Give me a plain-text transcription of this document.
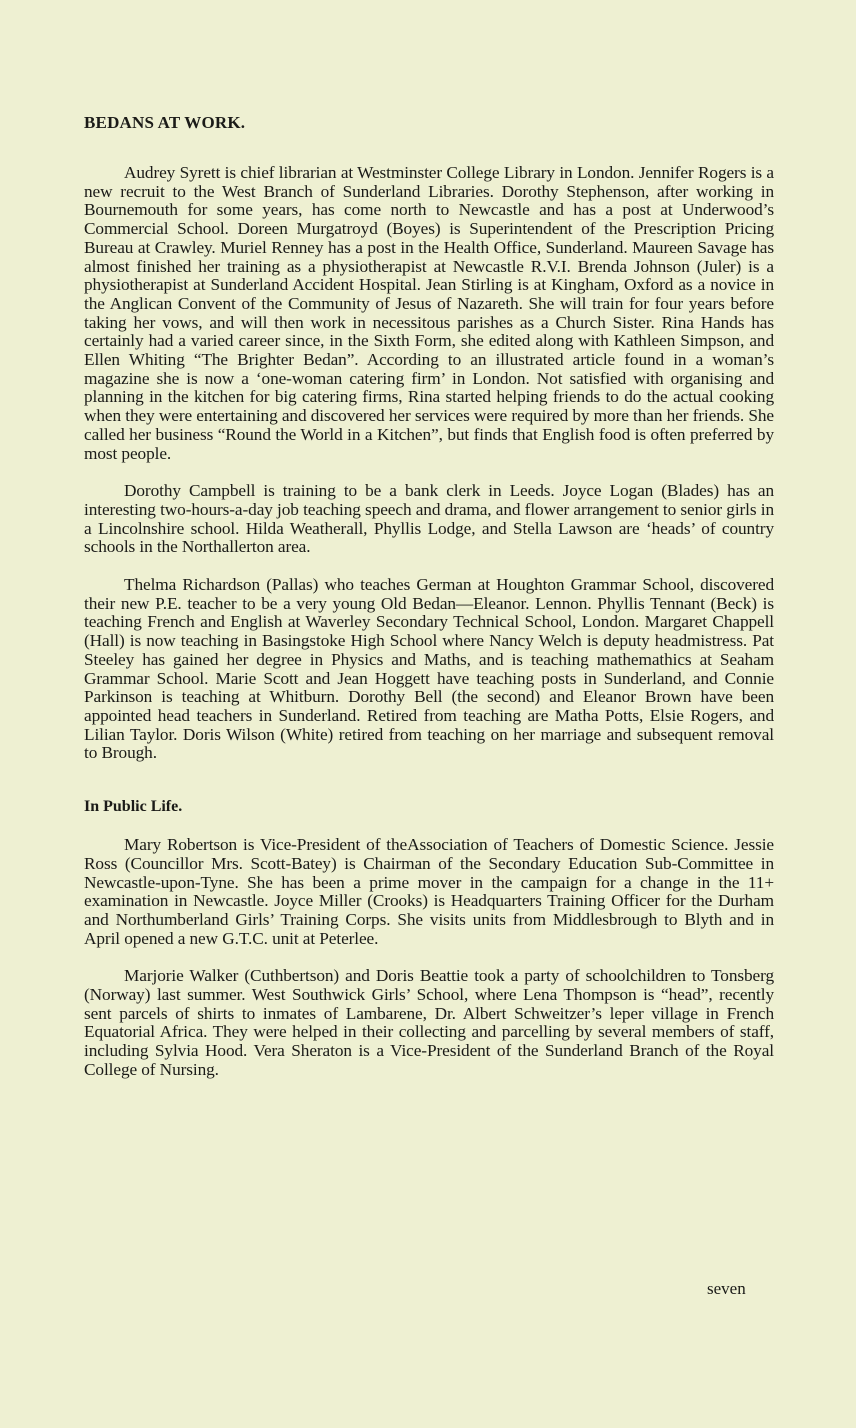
BEDANS AT WORK.

Audrey Syrett is chief librarian at Westminster College Library in London. Jennifer Rogers is a new recruit to the West Branch of Sunderland Libraries. Dorothy Stephenson, after working in Bournemouth for some years, has come north to Newcastle and has a post at Underwood’s Commercial School. Doreen Murgatroyd (Boyes) is Superintendent of the Prescription Pricing Bureau at Crawley. Muriel Renney has a post in the Health Office, Sunderland. Maureen Savage has almost finished her training as a physiotherapist at Newcastle R.V.I. Brenda Johnson (Juler) is a physiotherapist at Sunderland Accident Hospital. Jean Stirling is at Kingham, Oxford as a novice in the Anglican Convent of the Community of Jesus of Nazareth. She will train for four years before taking her vows, and will then work in necessitous parishes as a Church Sister. Rina Hands has certainly had a varied career since, in the Sixth Form, she edited along with Kathleen Simpson, and Ellen Whiting “The Brighter Bedan”. According to an illustrated article found in a woman’s magazine she is now a ‘one-woman catering firm’ in London. Not satisfied with organising and planning in the kitchen for big catering firms, Rina started helping friends to do the actual cooking when they were entertaining and discovered her services were required by more than her friends. She called her business “Round the World in a Kitchen”, but finds that English food is often preferred by most people.

Dorothy Campbell is training to be a bank clerk in Leeds. Joyce Logan (Blades) has an interesting two-hours-a-day job teaching speech and drama, and flower arrangement to senior girls in a Lincolnshire school. Hilda Weatherall, Phyllis Lodge, and Stella Lawson are ‘heads’ of country schools in the Northallerton area.

Thelma Richardson (Pallas) who teaches German at Houghton Grammar School, discovered their new P.E. teacher to be a very young Old Bedan—Eleanor. Lennon. Phyllis Tennant (Beck) is teaching French and English at Waverley Secondary Technical School, London. Margaret Chappell (Hall) is now teaching in Basingstoke High School where Nancy Welch is deputy headmistress. Pat Steeley has gained her degree in Physics and Maths, and is teaching mathemathics at Seaham Grammar School. Marie Scott and Jean Hoggett have teaching posts in Sunderland, and Connie Parkinson is teaching at Whitburn. Dorothy Bell (the second) and Eleanor Brown have been appointed head teachers in Sunderland. Retired from teaching are Matha Potts, Elsie Rogers, and Lilian Taylor. Doris Wilson (White) retired from teaching on her marriage and subsequent removal to Brough.

In Public Life.

Mary Robertson is Vice-President of theAssociation of Teachers of Domestic Science. Jessie Ross (Councillor Mrs. Scott-Batey) is Chairman of the Secondary Education Sub-Committee in Newcastle-upon-Tyne. She has been a prime mover in the campaign for a change in the 11+ examination in Newcastle. Joyce Miller (Crooks) is Headquarters Training Officer for the Durham and Northumberland Girls’ Training Corps. She visits units from Middlesbrough to Blyth and in April opened a new G.T.C. unit at Peterlee.

Marjorie Walker (Cuthbertson) and Doris Beattie took a party of schoolchildren to Tonsberg (Norway) last summer. West Southwick Girls’ School, where Lena Thompson is “head”, recently sent parcels of shirts to inmates of Lambarene, Dr. Albert Schweitzer’s leper village in French Equatorial Africa. They were helped in their collecting and parcelling by several members of staff, including Sylvia Hood. Vera Sheraton is a Vice-President of the Sunderland Branch of the Royal College of Nursing.

seven
